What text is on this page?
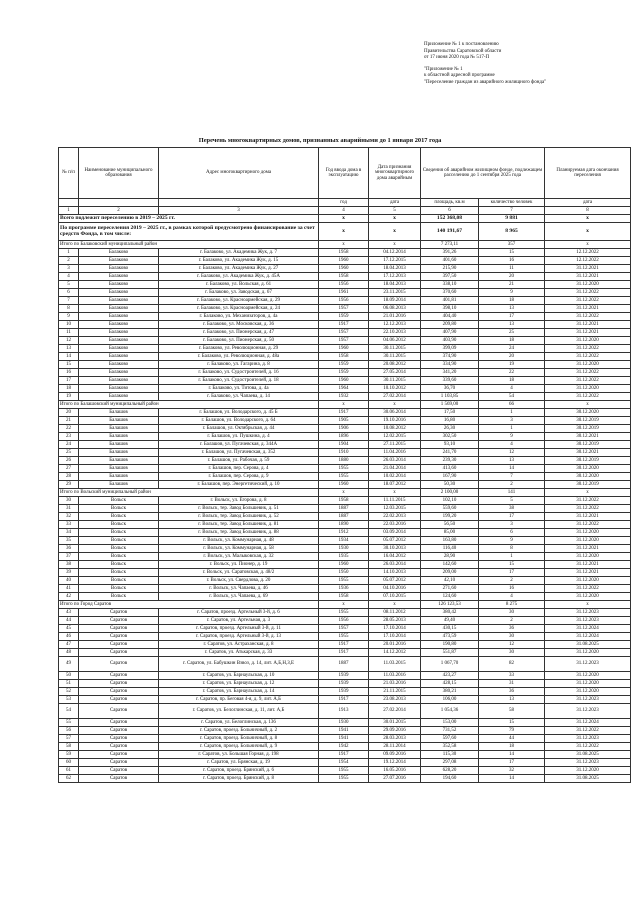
Приложение № 1 к постановлению
Правительства Саратовской области
от 17 июня 2020 года № 517-П
"Приложение № 1
к областной адресной программе
"Переселение граждан из аварийного жилищного фонда"
Перечень многоквартирных домов, признанных аварийными до 1 января 2017 года
№ п/п	Наименование муниципального образования	Адрес многоквартирного дома	Год ввода дома в эксплуатацию	Дата признания многоквартирного дома аварийным	Сведения об аварийном жилищном фонде, подлежащем расселению до 1 сентября 2025 года		Планируемая дата окончания переселения
			год	дата	площадь, кв.м	количество человек	дата
1	2	3	4	5	6	7	8
Всего подлежит переселению в 2019 – 2025 гг.			x	x	152 368,08	9 881	x
По программе переселения 2019 – 2025 гг., в рамках которой предусмотрено финансирование за счет средств Фонда, в том числе:			x	x	140 191,67	8 965	x
Итого по Балаковский муниципальный район			x	x	7 273,11	357	x
1	Балаково	г. Балаково, ул. Академика Жук, д. 7	1958	04.12.2014	391,26	15	12.12.2022
2	Балаково	г. Балаково, ул. Академика Жук, д. 15	1960	17.12.2015	401,60	16	12.12.2022
3	Балаково	г. Балаково, ул. Академика Жук, д. 27	1960	18.04.2013	215,90	11	31.12.2021
4	Балаково	г. Балаково, ул. Академика Жук, д. 45А	1958	17.12.2013	397,50	20	31.12.2021
5	Балаково	г. Балаково, ул. Вольская, д. 61	1956	18.04.2013	338,10	21	31.12.2020
6	Балаково	г. Балаково, ул. Заводская, д. 67	1961	23.11.2015	370,60	9	31.12.2022
7	Балаково	г. Балаково, ул. Красноармейская, д. 29	1956	18.09.2014	401,81	18	31.12.2022
8	Балаково	г. Балаково, ул. Красноармейская, д. 24	1957	06.08.2013	398,10	13	31.12.2021
9	Балаково	г. Балаково, ул. Механизаторов, д. 4а	1959	21.01.2016	404,40	17	31.12.2022
10	Балаково	г. Балаково, ул. Московская, д. 36	1917	12.12.2013	209,80	13	31.12.2021
11	Балаково	г. Балаково, ул. Пионерская, д. 47	1957	22.10.2013	407,90	25	31.12.2021
12	Балаково	г. Балаково, ул. Пионерская, д. 50	1957	04.06.2012	403,90	18	31.12.2020
13	Балаково	г. Балаково, ул. Революционная, д. 29	1960	30.11.2015	399,09	24	31.12.2022
14	Балаково	г. Балаково, ул. Революционная, д. 48а	1958	30.11.2015	374,90	20	31.12.2022
15	Балаково	г. Балаково, ул. Гагарина, д. 8	1959	20.08.2012	334,90	19	31.12.2020
16	Балаково	г. Балаково, ул. Судостроителей, д. 16	1959	27.05.2014	341,20	22	31.12.2022
17	Балаково	г. Балаково, ул. Судостроителей, д. 18	1960	30.11.2015	339,60	18	31.12.2022
18	Балаково	г. Балаково, ул. Титова, д. 4а	1964	10.10.2012	36,70	4	31.12.2020
19	Балаково	г. Балаково, ул. Чапаева, д. 14	1932	27.02.2014	1 103,85	54	31.12.2022
Итого по Балашовский муниципальный район			x	x	1 569,00	66	x
20	Балашов	г. Балашов, ул. Володарского, д. 45 Б	1917	30.06.2014	17,50	1	30.12.2020
21	Балашов	г. Балашов, ул. Володарского, д. 64	1905	19.10.2016	16,80	3	30.12.2019
22	Балашов	г. Балашов, ул. Октябрьская, д. 44	1906	10.08.2012	26,30	1	30.12.2019
23	Балашов	г. Балашов, ул. Пушкина, д. 4	1896	12.02.2015	302,50	9	30.12.2021
24	Балашов	г. Балашов, ул. Пугачевская, д. 344А	1904	27.11.2015	93,10	4	30.12.2019
25	Балашов	г. Балашов, ул. Пугачевская, д. 352	1910	11.04.2016	241,70	12	30.12.2021
26	Балашов	г. Балашов, ул. Рабочая, д. 59	1880	26.03.2014	239,30	13	30.12.2019
27	Балашов	г. Балашов, пер. Серова, д. 4	1955	21.04.2014	413,60	14	30.12.2020
28	Балашов	г. Балашов, пер. Серова, д. 9	1955	10.02.2014	167,90	7	30.12.2020
29	Балашов	г. Балашов, пер. Энергетический, д. 10	1960	18.07.2012	50,30	2	30.12.2019
Итого по Вольский муниципальный район			x	x	2 100,00	141	x
30	Вольск	г. Вольск, ул. Егорова, д. 8	1958	11.11.2015	102,10	5	31.12.2022
31	Вольск	г. Вольск, тер. Завод Большевик, д. 51	1887	12.03.2015	559,60	38	31.12.2022
32	Вольск	г. Вольск, тер. Завод Большевик, д. 52	1887	22.02.2013	199,20	17	31.12.2021
33	Вольск	г. Вольск, тер. Завод Большевик, д. 81	1890	22.03.2016	56,50	3	31.12.2022
34	Вольск	г. Вольск, тер. Завод Большевик, д. 88	1912	03.09.2014	85,00	6	31.12.2020
35	Вольск	г. Вольск, ул. Коммунарная, д. 48	1934	05.07.2012	163,80	9	31.12.2020
36	Вольск	г. Вольск, ул. Коммунарная, д. 58	1930	30.10.2013	116,40	8	31.12.2021
37	Вольск	г. Вольск, ул. Малыковская, д. 32	1935	16.04.2012	28,90	1	31.12.2020
38	Вольск	г. Вольск, ул. Пионер, д. 19	1960	26.03.2014	142,60	15	31.12.2021
39	Вольск	г. Вольск, ул. Саратовская, д. 48/2	1950	14.10.2013	209,00	17	31.12.2021
40	Вольск	г. Вольск, ул. Свердлова, д. 20	1955	05.07.2012	42,10	2	31.12.2020
41	Вольск	г. Вольск, ул. Чапаева, д. 46	1936	04.10.2016	271,60	16	31.12.2022
42	Вольск	г. Вольск, ул. Чапаева, д. 69	1958	07.10.2015	124,60	4	31.12.2020
Итого по Город Саратов			x	x	126 123,53	8 275	x
43	Саратов	г. Саратов, проезд. Артельный 3-й, д. 6	1955	08.11.2012	380,42	30	31.12.2023
44	Саратов	г. Саратов, ул. Артельная, д. 3	1956	28.05.2013	49,40	2	31.12.2023
45	Саратов	г. Саратов, проезд. Артельный 3-й, д. 11	1957	17.10.2014	430,15	36	31.12.2024
46	Саратов	г. Саратов, проезд. Артельный 3-й, д. 13	1955	17.10.2014	473,59	30	31.12.2024
47	Саратов	г. Саратов, ул. Астраханская, д. 8	1917	20.01.2016	190,80	12	31.08.2025
48	Саратов	г. Саратов, ул. Атькарская, д. 33	1917	14.12.2012	551,87	30	31.12.2020
49	Саратов	г. Саратов, ул. Бабушкин Взвоз, д. 14, лит. А,Б,Н,З,Е	1887	11.03.2015	1 067,70	82	31.12.2023
50	Саратов	г. Саратов, ул. Барнаульская, д. 10	1939	11.03.2016	423,27	33	31.12.2020
51	Саратов	г. Саратов, ул. Барнаульская, д. 12	1939	21.03.2016	428,15	31	31.12.2020
52	Саратов	г. Саратов, ул. Барнаульская, д. 14	1939	21.11.2015	380,21	36	31.12.2020
53	Саратов	г. Саратов, пр. Беговая 4-я, д. 9, лит. А,Б	1917	23.08.2013	106,00	13	31.12.2023
54	Саратов	г. Саратов, ул. Белоглинская, д. 11, лит. А,Б	1913	27.02.2014	1 054,36	58	31.12.2023
55	Саратов	г. Саратов, ул. Белоглинская, д. 136	1930	30.01.2015	153,00	15	31.12.2024
56	Саратов	г. Саратов, проезд. Больничный, д. 2	1941	29.09.2016	731,52	79	31.12.2022
57	Саратов	г. Саратов, проезд. Больничный, д. 8	1941	28.03.2013	597,60	44	31.12.2023
58	Саратов	г. Саратов, проезд. Больничный, д. 9	1942	28.11.2014	352,58	18	31.12.2022
59	Саратов	г. Саратов, ул. Большая Горная, д. 198	1917	09.09.2016	115,30	14	31.08.2025
60	Саратов	г. Саратов, ул. Брянская, д. 19	1954	19.12.2014	297,08	17	31.12.2023
61	Саратов	г. Саратов, проезд. Брянский, д. 6	1955	16.05.2016	628,20	32	31.12.2020
62	Саратов	г. Саратов, проезд. Брянский, д. 8	1955	27.07.2016	194,60	14	31.08.2025
